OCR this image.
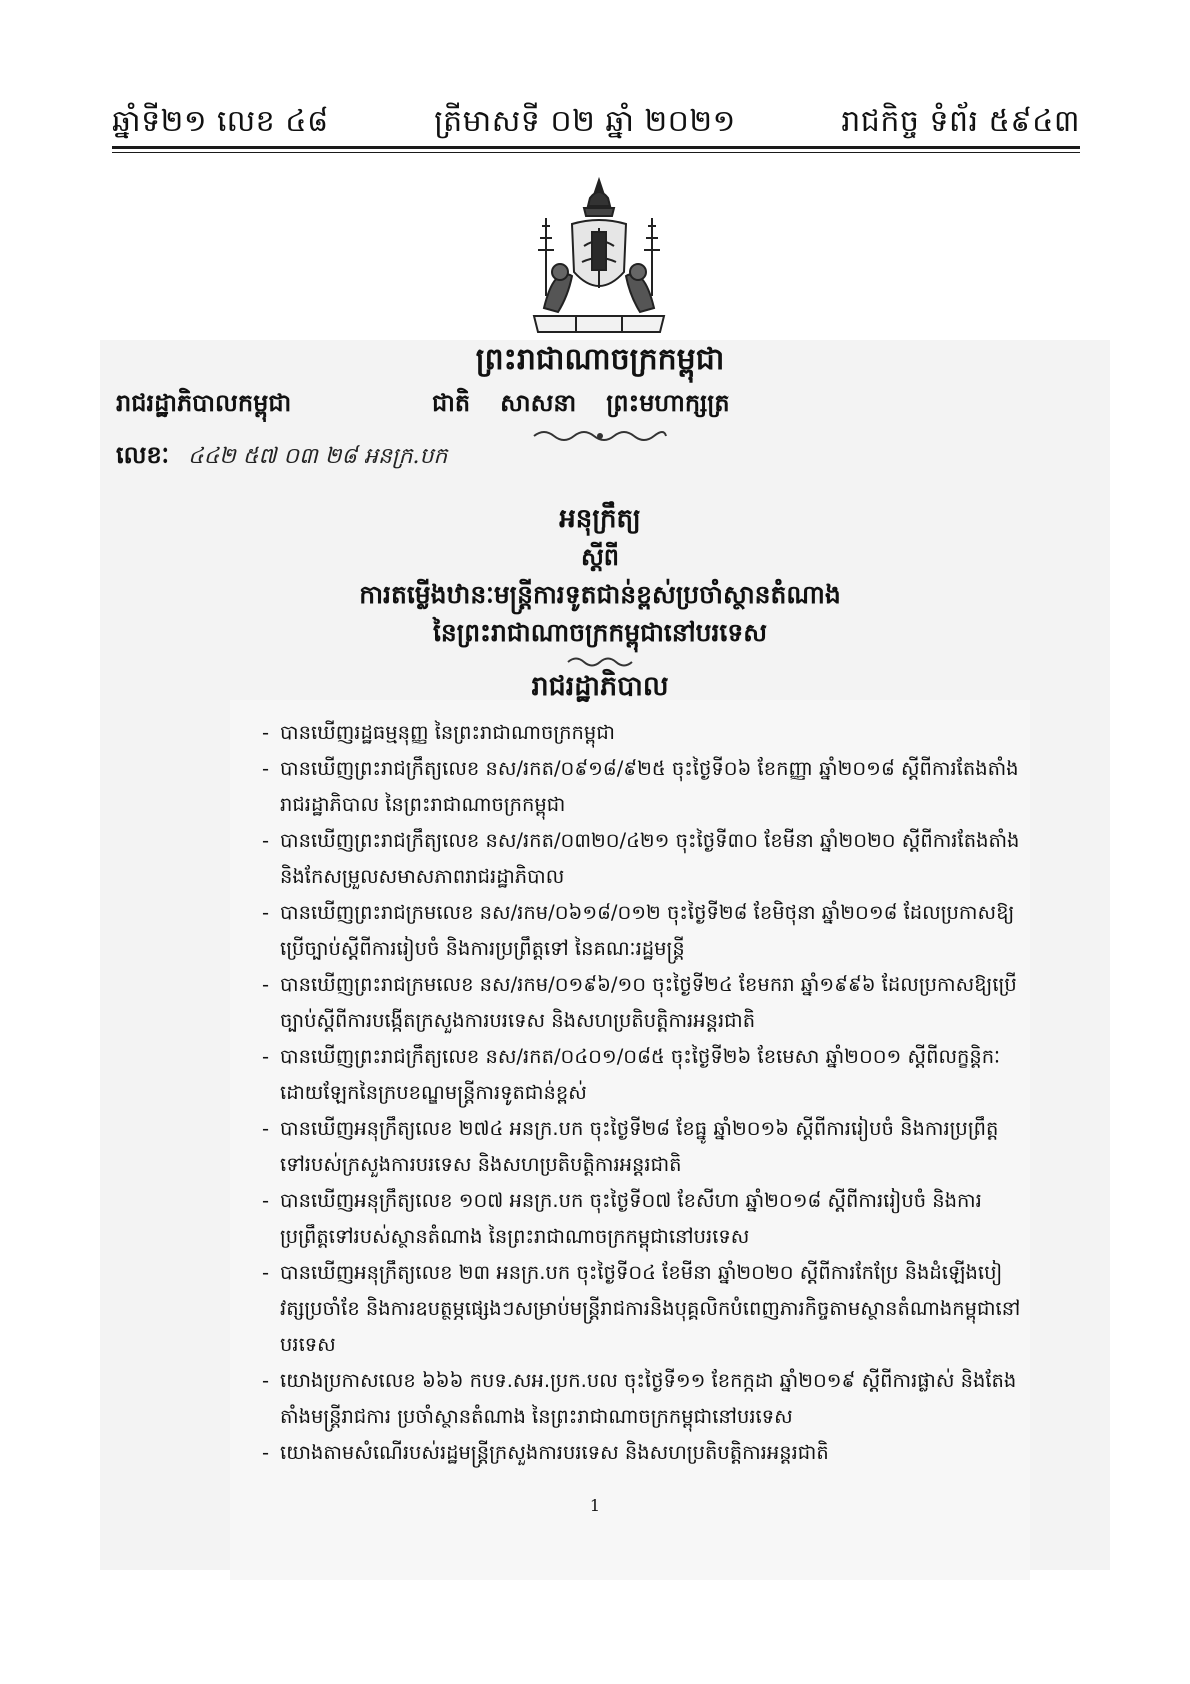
ឆ្នាំទី២១ លេខ ៤៨	ត្រីមាសទី ០២ ឆ្នាំ ២០២១	រាជកិច្ច ទំព័រ ៥៩៤៣
ព្រះរាជាណាចក្រកម្ពុជា
រាជរដ្ឋាភិបាលកម្ពុជា	ជាតិ សាសនា ព្រះមហាក្សត្រ
លេខៈ ៤៤២ ៥៧ ០៣ ២៨ អនក្រ.បក
អនុក្រឹត្យ
ស្តីពី
ការតម្លើងឋានៈមន្ត្រីការទូតជាន់ខ្ពស់ប្រចាំស្ថានតំណាង
នៃព្រះរាជាណាចក្រកម្ពុជានៅបរទេស
រាជរដ្ឋាភិបាល
- បានឃើញរដ្ឋធម្មនុញ្ញ នៃព្រះរាជាណាចក្រកម្ពុជា
- បានឃើញព្រះរាជក្រឹត្យលេខ នស/រកត/០៩១៨/៩២៥ ចុះថ្ងៃទី០៦ ខែកញ្ញា ឆ្នាំ២០១៨ ស្តីពីការតែងតាំងរាជរដ្ឋាភិបាល នៃព្រះរាជាណាចក្រកម្ពុជា
- បានឃើញព្រះរាជក្រឹត្យលេខ នស/រកត/០៣២០/៤២១ ចុះថ្ងៃទី៣០ ខែមីនា ឆ្នាំ២០២០ ស្តីពីការតែងតាំង និងកែសម្រួលសមាសភាពរាជរដ្ឋាភិបាល
- បានឃើញព្រះរាជក្រមលេខ នស/រកម/០៦១៨/០១២ ចុះថ្ងៃទី២៨ ខែមិថុនា ឆ្នាំ២០១៨ ដែលប្រកាសឱ្យប្រើច្បាប់ស្តីពីការរៀបចំ និងការប្រព្រឹត្តទៅ នៃគណៈរដ្ឋមន្ត្រី
- បានឃើញព្រះរាជក្រមលេខ នស/រកម/០១៩៦/១០ ចុះថ្ងៃទី២៤ ខែមករា ឆ្នាំ១៩៩៦ ដែលប្រកាសឱ្យប្រើច្បាប់ស្តីពីការបង្កើតក្រសួងការបរទេស និងសហប្រតិបត្តិការអន្តរជាតិ
- បានឃើញព្រះរាជក្រឹត្យលេខ នស/រកត/០៤០១/០៨៥ ចុះថ្ងៃទី២៦ ខែមេសា ឆ្នាំ២០០១ ស្តីពីលក្ខន្តិកៈដោយឡែកនៃក្របខណ្ឌមន្ត្រីការទូតជាន់ខ្ពស់
- បានឃើញអនុក្រឹត្យលេខ ២៧៤ អនក្រ.បក ចុះថ្ងៃទី២៨ ខែធ្នូ ឆ្នាំ២០១៦ ស្តីពីការរៀបចំ និងការប្រព្រឹត្តទៅរបស់ក្រសួងការបរទេស និងសហប្រតិបត្តិការអន្តរជាតិ
- បានឃើញអនុក្រឹត្យលេខ ១០៧ អនក្រ.បក ចុះថ្ងៃទី០៧ ខែសីហា ឆ្នាំ២០១៨ ស្តីពីការរៀបចំ និងការប្រព្រឹត្តទៅរបស់ស្ថានតំណាង នៃព្រះរាជាណាចក្រកម្ពុជានៅបរទេស
- បានឃើញអនុក្រឹត្យលេខ ២៣ អនក្រ.បក ចុះថ្ងៃទី០៤ ខែមីនា ឆ្នាំ២០២០ ស្តីពីការកែប្រែ និងដំឡើងបៀវត្សប្រចាំខែ និងការឧបត្ថម្ភផ្សេងៗសម្រាប់មន្ត្រីរាជការនិងបុគ្គលិកបំពេញភារកិច្ចតាមស្ថានតំណាងកម្ពុជានៅបរទេស
- យោងប្រកាសលេខ ៦៦៦ កបទ.សអ.ប្រក.បល ចុះថ្ងៃទី១១ ខែកក្កដា ឆ្នាំ២០១៩ ស្តីពីការផ្លាស់ និងតែងតាំងមន្ត្រីរាជការ ប្រចាំស្ថានតំណាង នៃព្រះរាជាណាចក្រកម្ពុជានៅបរទេស
- យោងតាមសំណើរបស់រដ្ឋមន្ត្រីក្រសួងការបរទេស និងសហប្រតិបត្តិការអន្តរជាតិ
1
